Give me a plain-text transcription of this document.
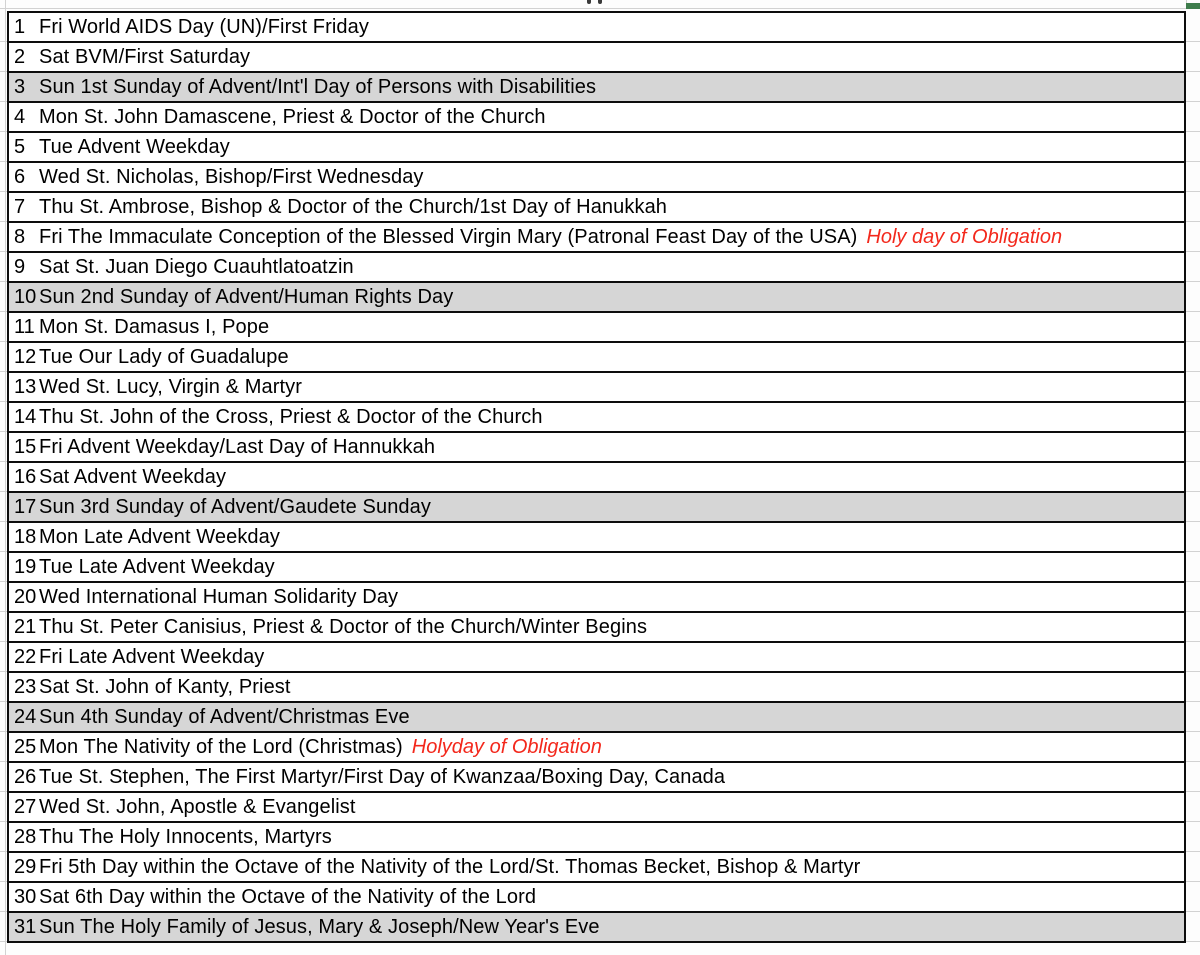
1 Fri World AIDS Day (UN)/First Friday
2 Sat BVM/First Saturday
3 Sun 1st Sunday of Advent/Int'l Day of Persons with Disabilities
4 Mon St. John Damascene, Priest & Doctor of the Church
5 Tue Advent Weekday
6 Wed St. Nicholas, Bishop/First Wednesday
7 Thu St. Ambrose, Bishop & Doctor of the Church/1st Day of Hanukkah
8 Fri The Immaculate Conception of the Blessed Virgin Mary (Patronal Feast Day of the USA) Holy day of Obligation
9 Sat St. Juan Diego Cuauhtlatoatzin
10 Sun 2nd Sunday of Advent/Human Rights Day
11 Mon St. Damasus I, Pope
12 Tue Our Lady of Guadalupe
13 Wed St. Lucy, Virgin & Martyr
14 Thu St. John of the Cross, Priest & Doctor of the Church
15 Fri Advent Weekday/Last Day of Hannukkah
16 Sat Advent Weekday
17 Sun 3rd Sunday of Advent/Gaudete Sunday
18 Mon Late Advent Weekday
19 Tue Late Advent Weekday
20 Wed International Human Solidarity Day
21 Thu St. Peter Canisius, Priest & Doctor of the Church/Winter Begins
22 Fri Late Advent Weekday
23 Sat St. John of Kanty, Priest
24 Sun 4th Sunday of Advent/Christmas Eve
25 Mon The Nativity of the Lord (Christmas) Holyday of Obligation
26 Tue St. Stephen, The First Martyr/First Day of Kwanzaa/Boxing Day, Canada
27 Wed St. John, Apostle & Evangelist
28 Thu The Holy Innocents, Martyrs
29 Fri 5th Day within the Octave of the Nativity of the Lord/St. Thomas Becket, Bishop & Martyr
30 Sat 6th Day within the Octave of the Nativity of the Lord
31 Sun The Holy Family of Jesus, Mary & Joseph/New Year's Eve
